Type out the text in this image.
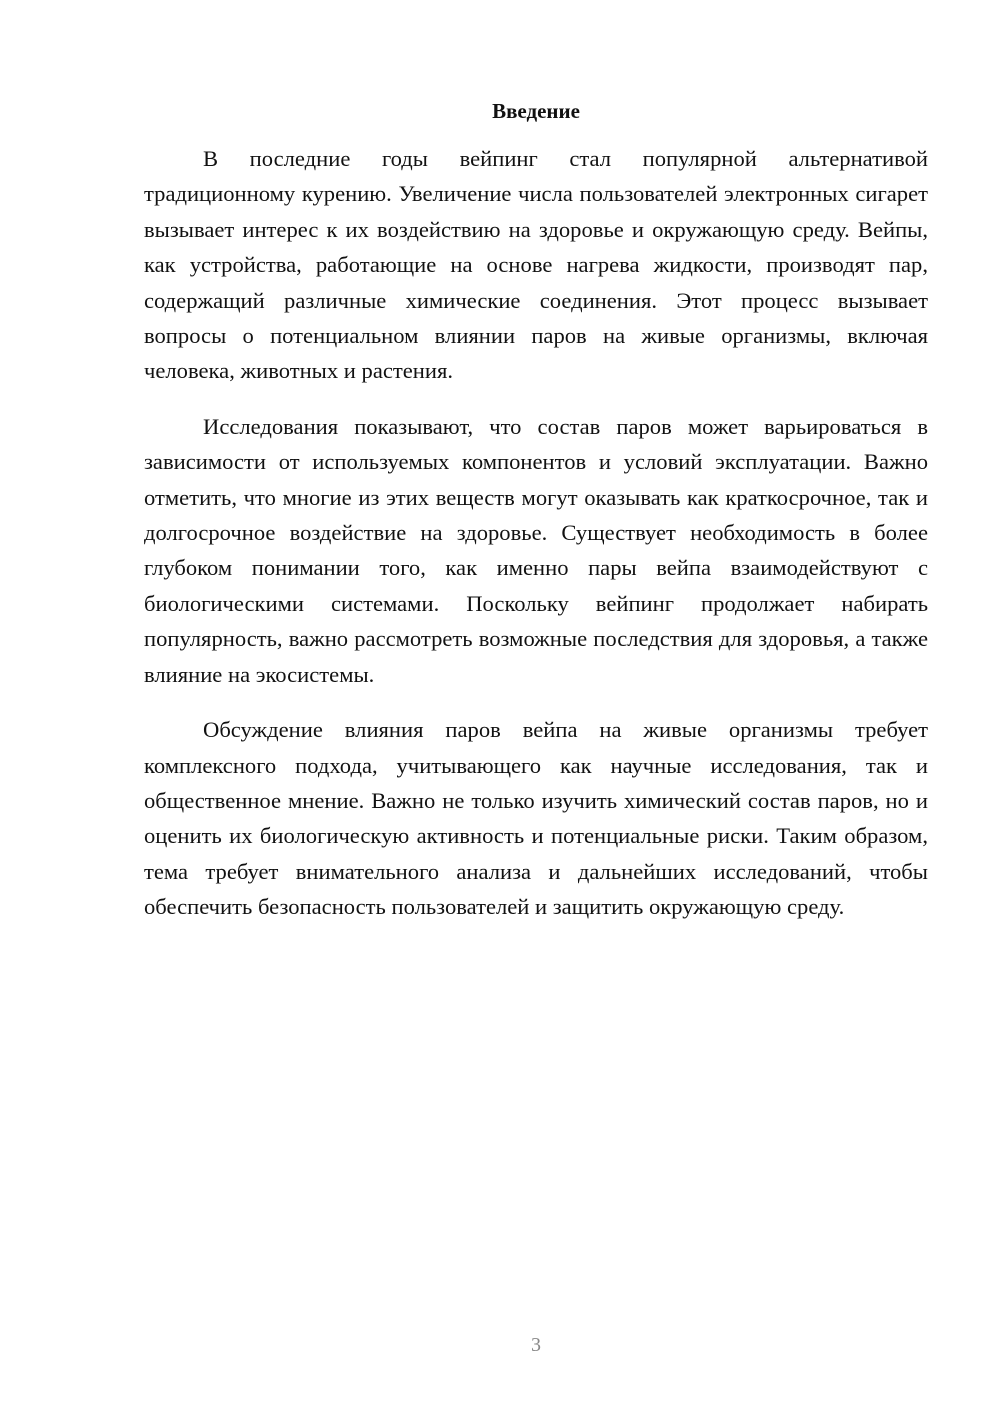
Введение

В последние годы вейпинг стал популярной альтернативой традиционному курению. Увеличение числа пользователей электронных сигарет вызывает интерес к их воздействию на здоровье и окружающую среду. Вейпы, как устройства, работающие на основе нагрева жидкости, производят пар, содержащий различные химические соединения. Этот процесс вызывает вопросы о потенциальном влиянии паров на живые организмы, включая человека, животных и растения.

Исследования показывают, что состав паров может варьироваться в зависимости от используемых компонентов и условий эксплуатации. Важно отметить, что многие из этих веществ могут оказывать как краткосрочное, так и долгосрочное воздействие на здоровье. Существует необходимость в более глубоком понимании того, как именно пары вейпа взаимодействуют с биологическими системами. Поскольку вейпинг продолжает набирать популярность, важно рассмотреть возможные последствия для здоровья, а также влияние на экосистемы.

Обсуждение влияния паров вейпа на живые организмы требует комплексного подхода, учитывающего как научные исследования, так и общественное мнение. Важно не только изучить химический состав паров, но и оценить их биологическую активность и потенциальные риски. Таким образом, тема требует внимательного анализа и дальнейших исследований, чтобы обеспечить безопасность пользователей и защитить окружающую среду.

3
